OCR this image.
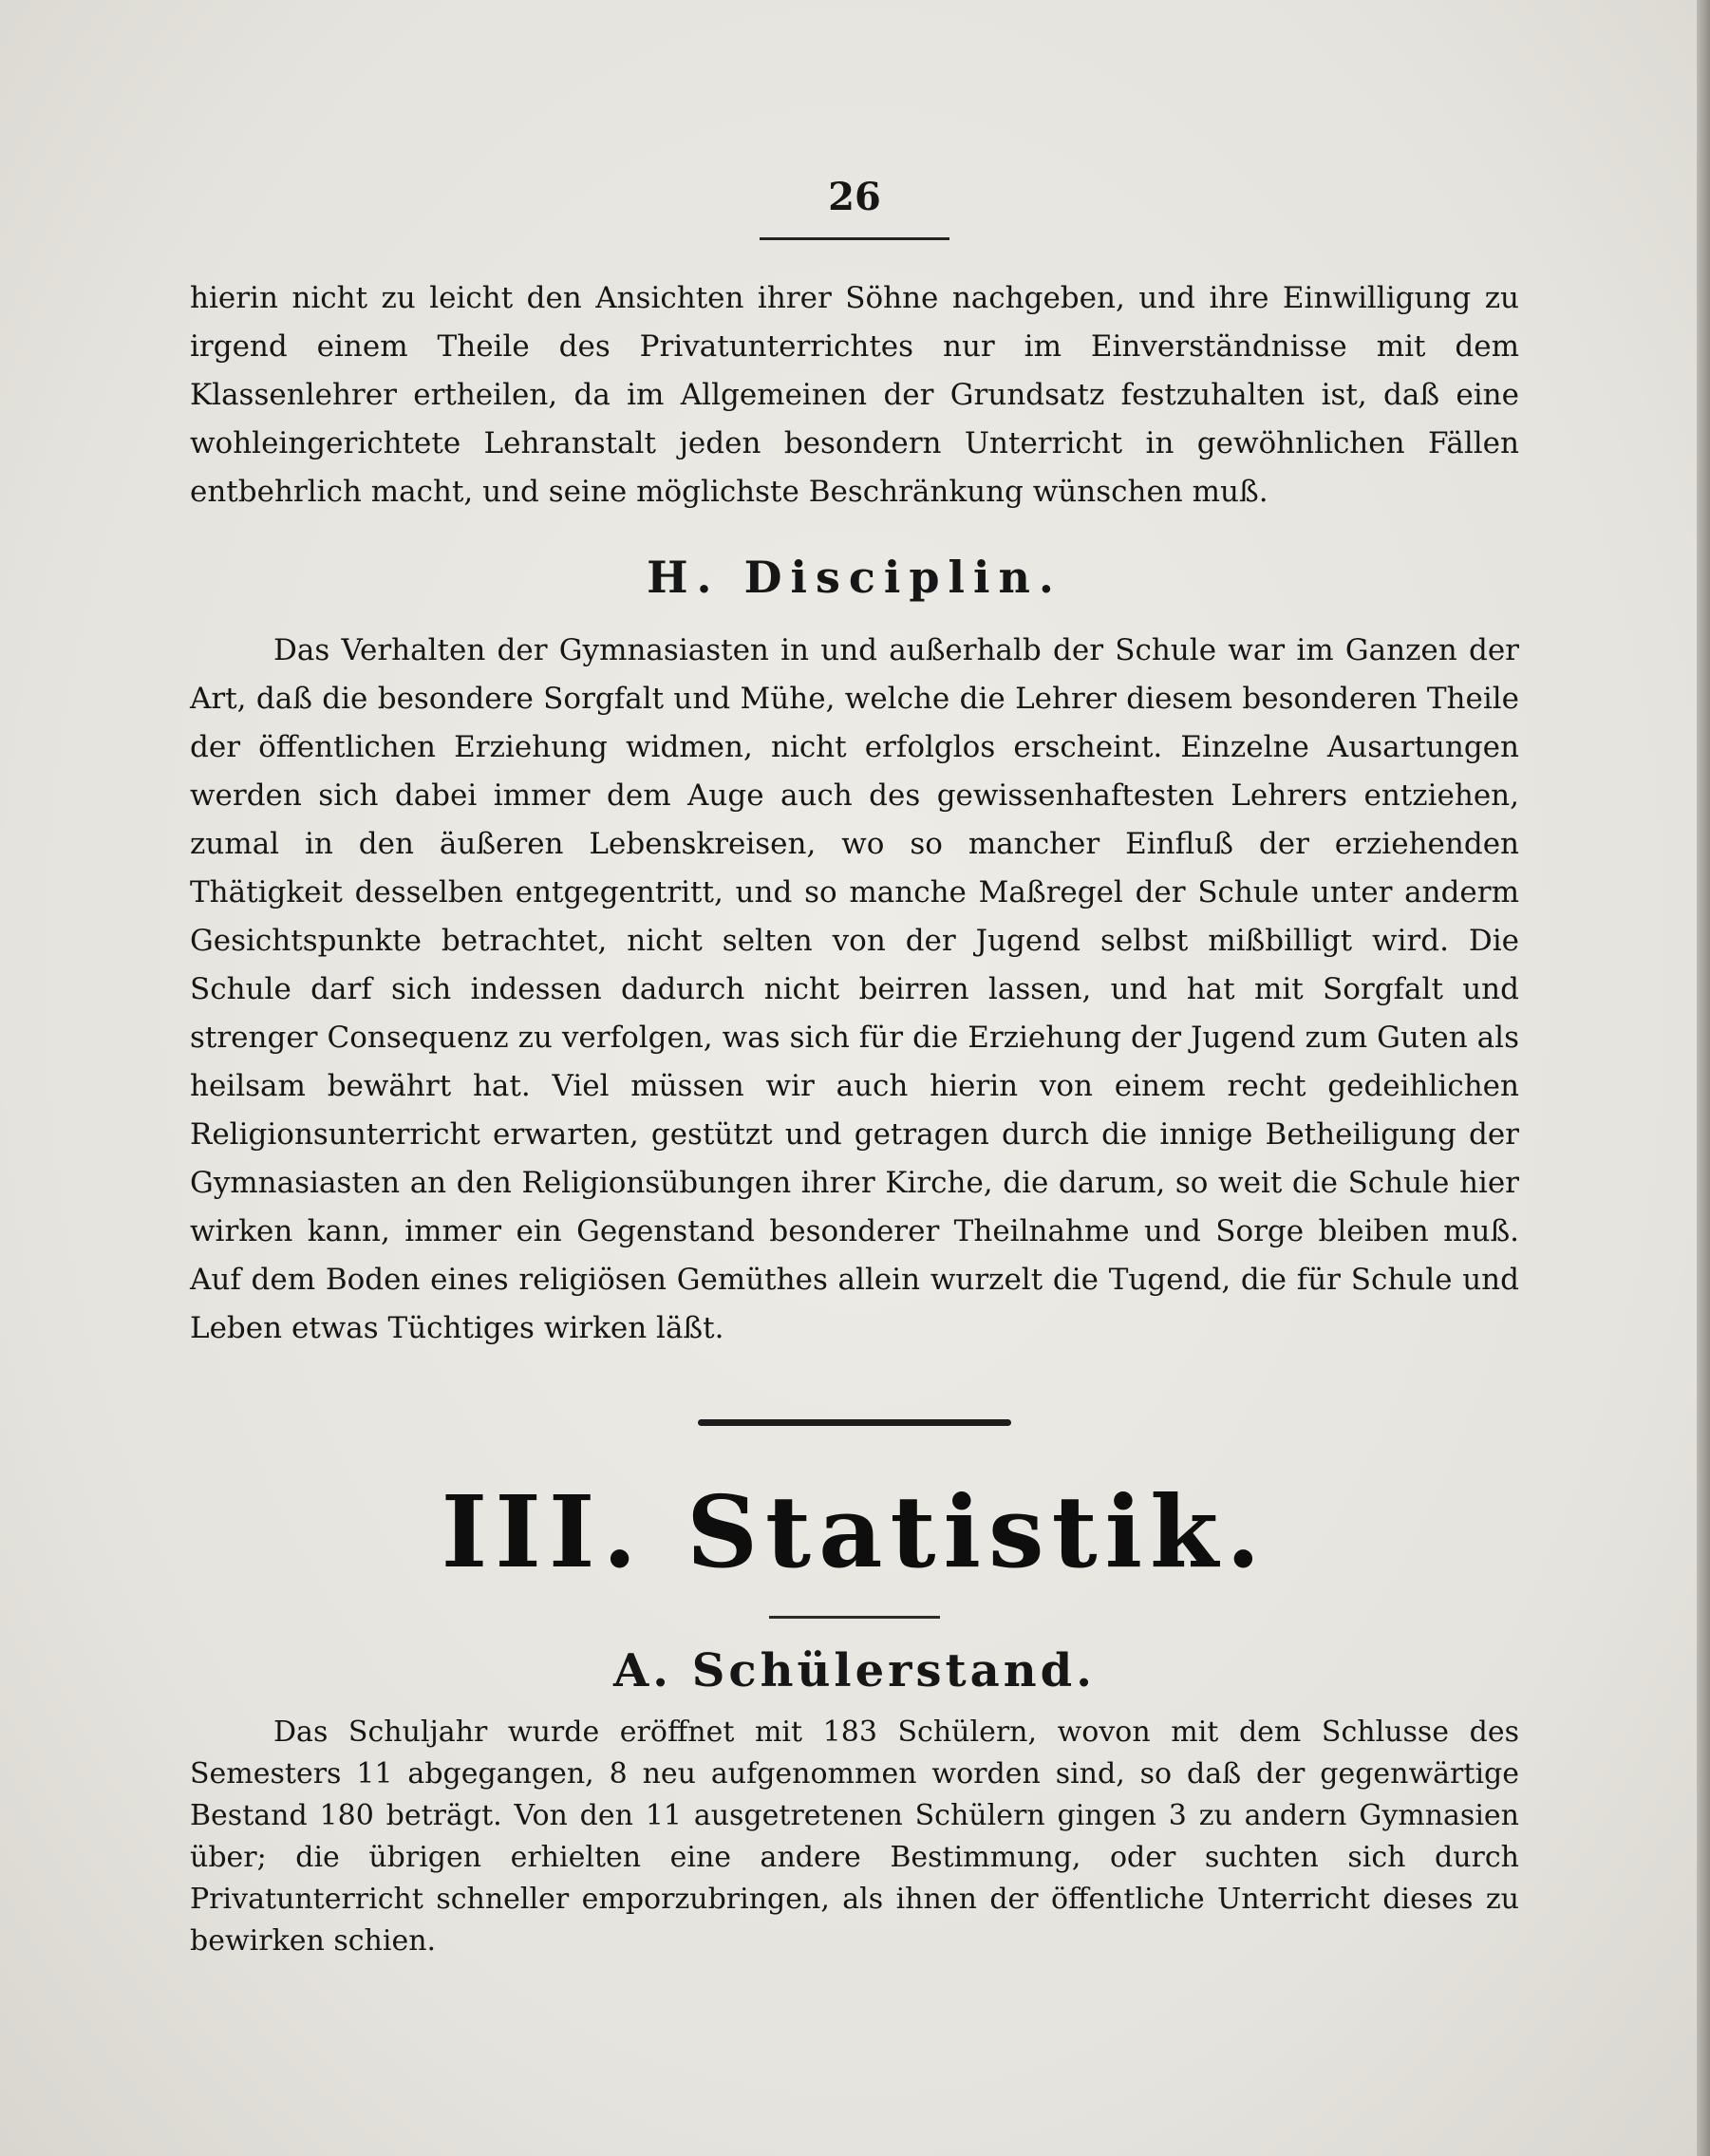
26

hierin nicht zu leicht den Ansichten ihrer Söhne nachgeben, und ihre Einwilligung zu irgend einem Theile des Privatunterrichtes nur im Einverständnisse mit dem Klassenlehrer ertheilen, da im Allgemeinen der Grundsatz festzuhalten ist, daß eine wohleingerichtete Lehranstalt jeden besondern Unterricht in gewöhnlichen Fällen entbehrlich macht, und seine möglichste Beschränkung wünschen muß.

H. Disciplin.

Das Verhalten der Gymnasiasten in und außerhalb der Schule war im Ganzen der Art, daß die besondere Sorgfalt und Mühe, welche die Lehrer diesem besonderen Theile der öffentlichen Erziehung widmen, nicht erfolglos erscheint. Einzelne Ausartungen werden sich dabei immer dem Auge auch des gewissenhaftesten Lehrers entziehen, zumal in den äußeren Lebenskreisen, wo so mancher Einfluß der erziehenden Thätigkeit desselben entgegentritt, und so manche Maßregel der Schule unter anderm Gesichtspunkte betrachtet, nicht selten von der Jugend selbst mißbilligt wird. Die Schule darf sich indessen dadurch nicht beirren lassen, und hat mit Sorgfalt und strenger Consequenz zu verfolgen, was sich für die Erziehung der Jugend zum Guten als heilsam bewährt hat. Viel müssen wir auch hierin von einem recht gedeihlichen Religionsunterricht erwarten, gestützt und getragen durch die innige Betheiligung der Gymnasiasten an den Religionsübungen ihrer Kirche, die darum, so weit die Schule hier wirken kann, immer ein Gegenstand besonderer Theilnahme und Sorge bleiben muß. Auf dem Boden eines religiösen Gemüthes allein wurzelt die Tugend, die für Schule und Leben etwas Tüchtiges wirken läßt.

III. Statistik.
A. Schülerstand.

Das Schuljahr wurde eröffnet mit 183 Schülern, wovon mit dem Schlusse des Semesters 11 abgegangen, 8 neu aufgenommen worden sind, so daß der gegenwärtige Bestand 180 beträgt. Von den 11 ausgetretenen Schülern gingen 3 zu andern Gymnasien über; die übrigen erhielten eine andere Bestimmung, oder suchten sich durch Privatunterricht schneller emporzubringen, als ihnen der öffentliche Unterricht dieses zu bewirken schien.
